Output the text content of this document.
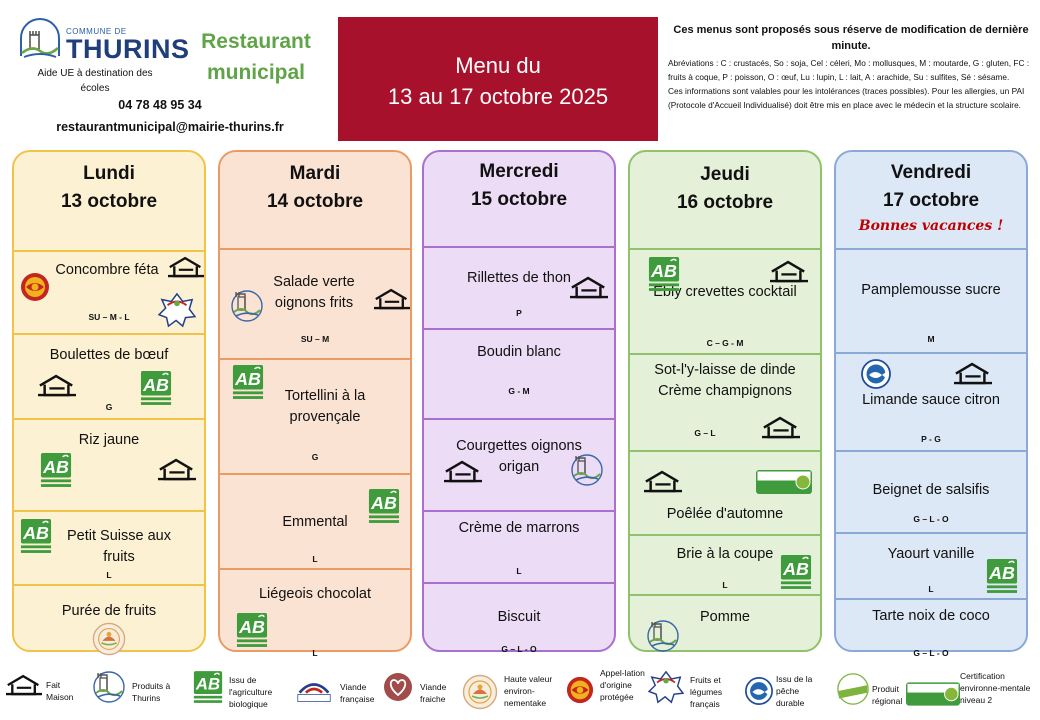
COMMUNE DE
THURINS
Aide UE à destination des écoles
Restaurant municipal
04 78 48 95 34
restaurantmunicipal@mairie-thurins.fr
Menu du
13 au 17 octobre 2025
Ces menus sont proposés sous réserve de modification de dernière minute.
Abréviations : C : crustacés, So : soja, Cel : céleri, Mo : mollusques, M : moutarde, G : gluten, FC : fruits à coque, P : poisson, O : œuf, Lu : lupin, L : lait, A : arachide, Su : sulfites, Sé : sésame.
Ces informations sont valables pour les intolérances (traces possibles). Pour les allergies, un PAI (Protocole d'Accueil Individualisé) doit être mis en place avec le médecin et la structure scolaire.
Lundi
13 octobre
Concombre féta
SU – M - L
Boulettes de bœuf
G
Riz jaune
Petit Suisse aux fruits
L
Purée de fruits
Mardi
14 octobre
Salade verte oignons frits
SU – M
Tortellini à la provençale
G
Emmental
L
Liégeois chocolat
L
Mercredi
15 octobre
Rillettes de thon
P
Boudin blanc
G - M
Courgettes oignons origan
Crème de marrons
L
Biscuit
G – L - O
Jeudi
16 octobre
Ebly crevettes cocktail
C – G - M
Sot-l'y-laisse de dinde Crème champignons
G – L
Poêlée d'automne
Brie à la coupe
L
Pomme
Vendredi
17 octobre
Bonnes vacances !
Pamplemousse sucre
M
Limande sauce citron
P - G
Beignet de salsifis
G – L - O
Yaourt vanille
L
Tarte noix de coco
G – L - O
Fait Maison
Produits à Thurins
Issu de l'agriculture biologique
Viande française
Viande fraiche
Haute valeur environ-nementake
Appel-lation d'origine protégée
Fruits et légumes français
Issu de la pêche durable
Produit régional
Certification environne-mentale niveau 2
